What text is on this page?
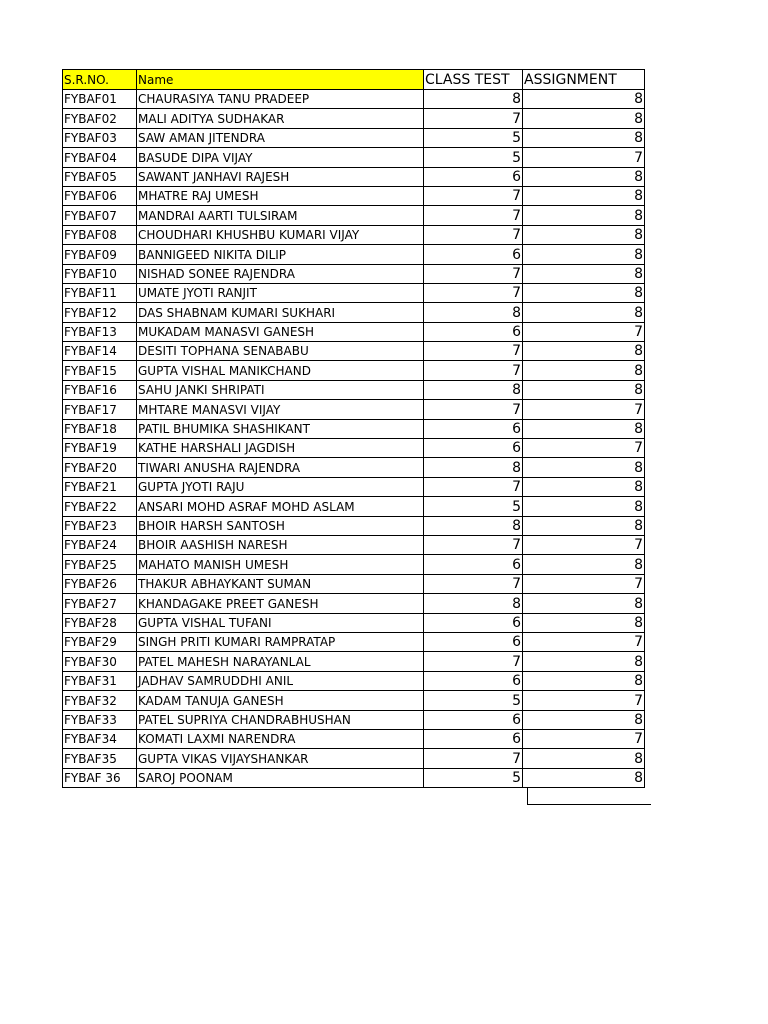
S.R.NO.	Name	CLASS TEST	ASSIGNMENT
FYBAF01	CHAURASIYA TANU PRADEEP	8	8
FYBAF02	MALI ADITYA SUDHAKAR	7	8
FYBAF03	SAW AMAN JITENDRA	5	8
FYBAF04	BASUDE DIPA VIJAY	5	7
FYBAF05	SAWANT JANHAVI RAJESH	6	8
FYBAF06	MHATRE RAJ UMESH	7	8
FYBAF07	MANDRAI AARTI TULSIRAM	7	8
FYBAF08	CHOUDHARI KHUSHBU KUMARI VIJAY	7	8
FYBAF09	BANNIGEED NIKITA DILIP	6	8
FYBAF10	NISHAD SONEE RAJENDRA	7	8
FYBAF11	UMATE JYOTI RANJIT	7	8
FYBAF12	DAS SHABNAM KUMARI SUKHARI	8	8
FYBAF13	MUKADAM MANASVI GANESH	6	7
FYBAF14	DESITI TOPHANA SENABABU	7	8
FYBAF15	GUPTA VISHAL MANIKCHAND	7	8
FYBAF16	SAHU JANKI SHRIPATI	8	8
FYBAF17	MHTARE MANASVI VIJAY	7	7
FYBAF18	PATIL BHUMIKA SHASHIKANT	6	8
FYBAF19	KATHE HARSHALI JAGDISH	6	7
FYBAF20	TIWARI ANUSHA RAJENDRA	8	8
FYBAF21	GUPTA JYOTI RAJU	7	8
FYBAF22	ANSARI MOHD ASRAF MOHD ASLAM	5	8
FYBAF23	BHOIR HARSH SANTOSH	8	8
FYBAF24	BHOIR AASHISH NARESH	7	7
FYBAF25	MAHATO MANISH UMESH	6	8
FYBAF26	THAKUR ABHAYKANT SUMAN	7	7
FYBAF27	KHANDAGAKE PREET GANESH	8	8
FYBAF28	GUPTA VISHAL TUFANI	6	8
FYBAF29	SINGH PRITI KUMARI RAMPRATAP	6	7
FYBAF30	PATEL MAHESH NARAYANLAL	7	8
FYBAF31	JADHAV SAMRUDDHI ANIL	6	8
FYBAF32	KADAM TANUJA GANESH	5	7
FYBAF33	PATEL SUPRIYA CHANDRABHUSHAN	6	8
FYBAF34	KOMATI LAXMI NARENDRA	6	7
FYBAF35	GUPTA VIKAS VIJAYSHANKAR	7	8
FYBAF 36	SAROJ POONAM	5	8
